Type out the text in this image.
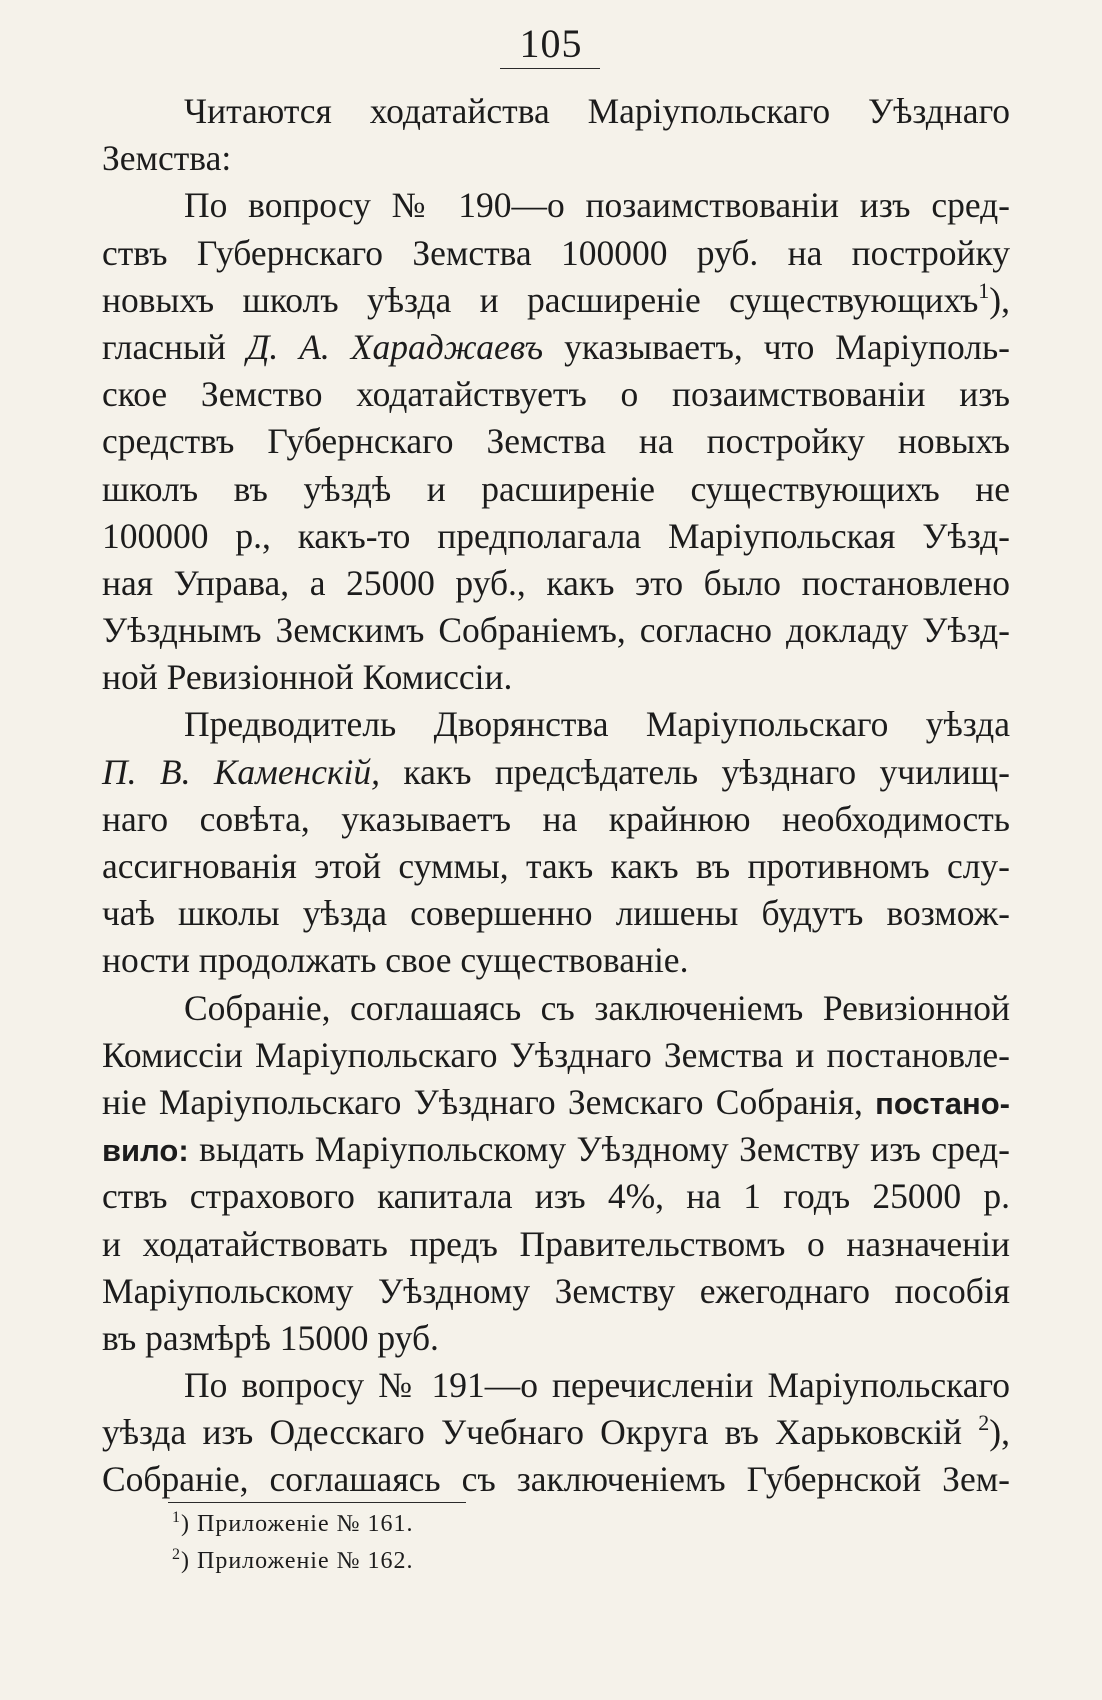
105
Читаются ходатайства Маріупольскаго Уѣзднаго
Земства:
По вопросу № 190—о позаимствованіи изъ сред-
ствъ Губернскаго Земства 100000 руб. на постройку
новыхъ школъ уѣзда и расширеніе существующихъ$^1$),
гласный Д. А. Хараджаевъ указываетъ, что Маріуполь-
ское Земство ходатайствуетъ о позаимствованіи изъ
средствъ Губернскаго Земства на постройку новыхъ
школъ въ уѣздѣ и расширеніе существующихъ не
100000 р., какъ-то предполагала Маріупольская Уѣзд-
ная Управа, а 25000 руб., какъ это было постановлено
Уѣзднымъ Земскимъ Собраніемъ, согласно докладу Уѣзд-
ной Ревизіонной Комиссіи.
Предводитель Дворянства Маріупольскаго уѣзда
П. В. Каменскій, какъ предсѣдатель уѣзднаго училищ-
наго совѣта, указываетъ на крайнюю необходимость
ассигнованія этой суммы, такъ какъ въ противномъ слу-
чаѣ школы уѣзда совершенно лишены будутъ возмож-
ности продолжать свое существованіе.
Собраніе, соглашаясь съ заключеніемъ Ревизіонной
Комиссіи Маріупольскаго Уѣзднаго Земства и постановле-
ніе Маріупольскаго Уѣзднаго Земскаго Собранія, постано-
вило: выдать Маріупольскому Уѣздному Земству изъ сред-
ствъ страхового капитала изъ 4%, на 1 годъ 25000 р.
и ходатайствовать предъ Правительствомъ о назначеніи
Маріупольскому Уѣздному Земству ежегоднаго пособія
въ размѣрѣ 15000 руб.
По вопросу № 191—о перечисленіи Маріупольскаго
уѣзда изъ Одесскаго Учебнаго Округа въ Харьковскій $^2$),
Собраніе, соглашаясь съ заключеніемъ Губернской Зем-
$^1$) Приложеніе № 161.
$^2$) Приложеніе № 162.
